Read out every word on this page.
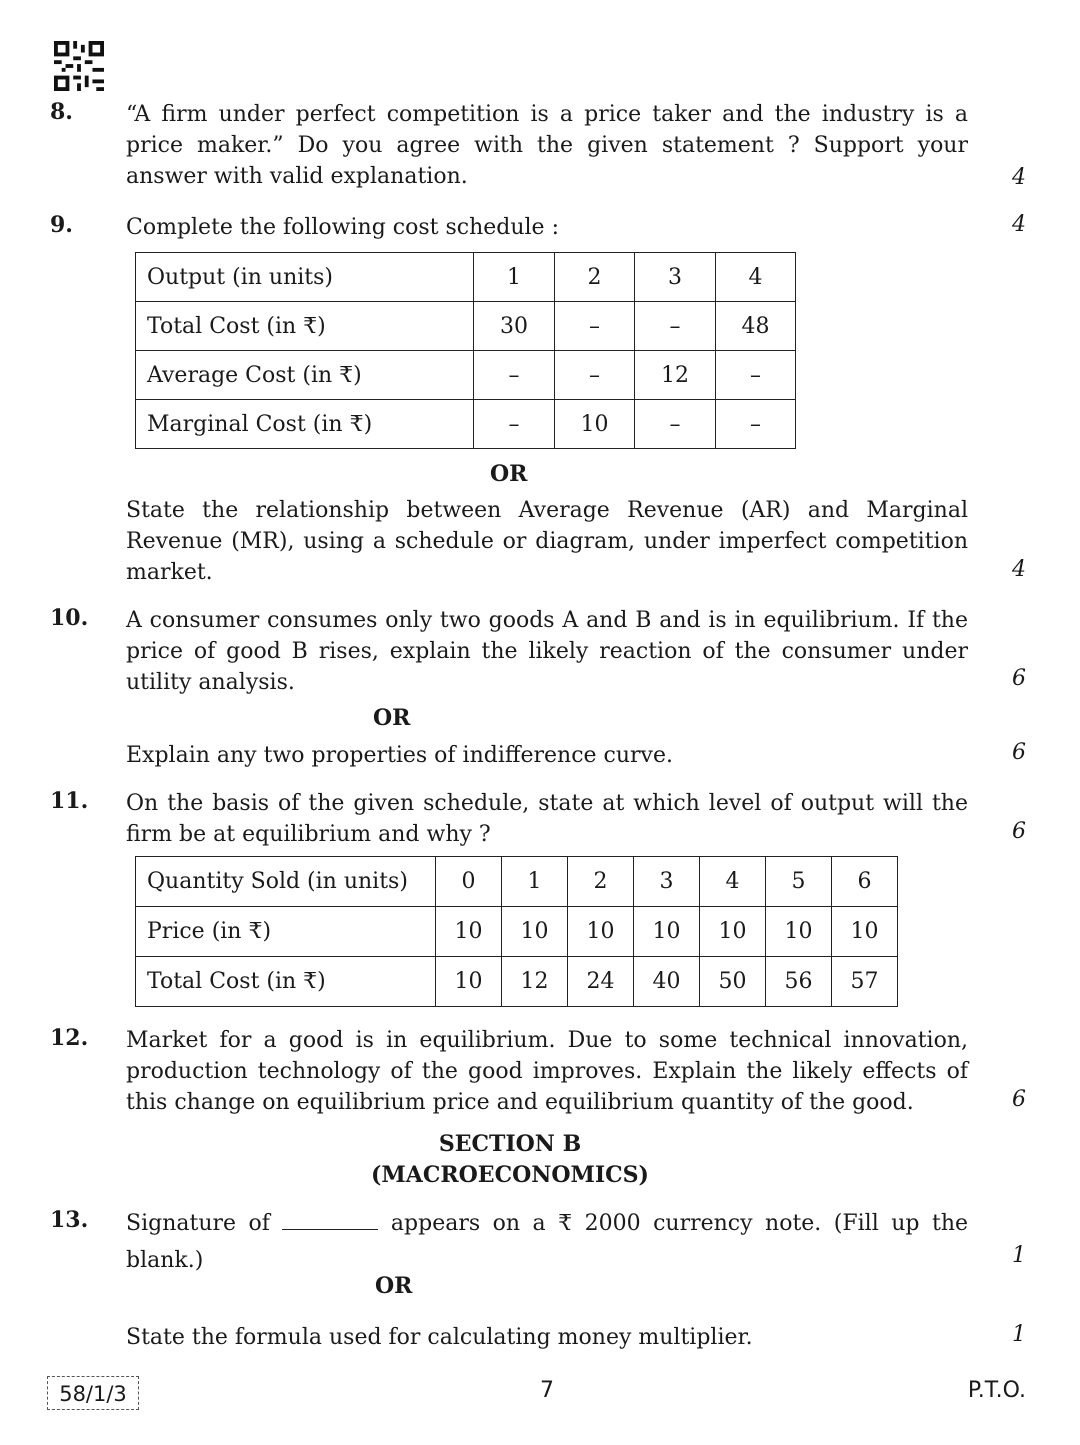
8. “A firm under perfect competition is a price taker and the industry is a price maker.” Do you agree with the given statement ? Support your answer with valid explanation.	4
9. Complete the following cost schedule :	4
Output (in units)	1	2	3	4
Total Cost (in ₹)	30	–	–	48
Average Cost (in ₹)	–	–	12	–
Marginal Cost (in ₹)	–	10	–	–
OR
State the relationship between Average Revenue (AR) and Marginal Revenue (MR), using a schedule or diagram, under imperfect competition market.	4
10. A consumer consumes only two goods A and B and is in equilibrium. If the price of good B rises, explain the likely reaction of the consumer under utility analysis.	6
OR
Explain any two properties of indifference curve.	6
11. On the basis of the given schedule, state at which level of output will the firm be at equilibrium and why ?	6
Quantity Sold (in units)	0	1	2	3	4	5	6
Price (in ₹)	10	10	10	10	10	10	10
Total Cost (in ₹)	10	12	24	40	50	56	57
12. Market for a good is in equilibrium. Due to some technical innovation, production technology of the good improves. Explain the likely effects of this change on equilibrium price and equilibrium quantity of the good.	6
SECTION B
(MACROECONOMICS)
13. Signature of	appears on a ₹ 2000 currency note. (Fill up the blank.)	1
OR
State the formula used for calculating money multiplier.	1
58/1/3	7	P.T.O.
